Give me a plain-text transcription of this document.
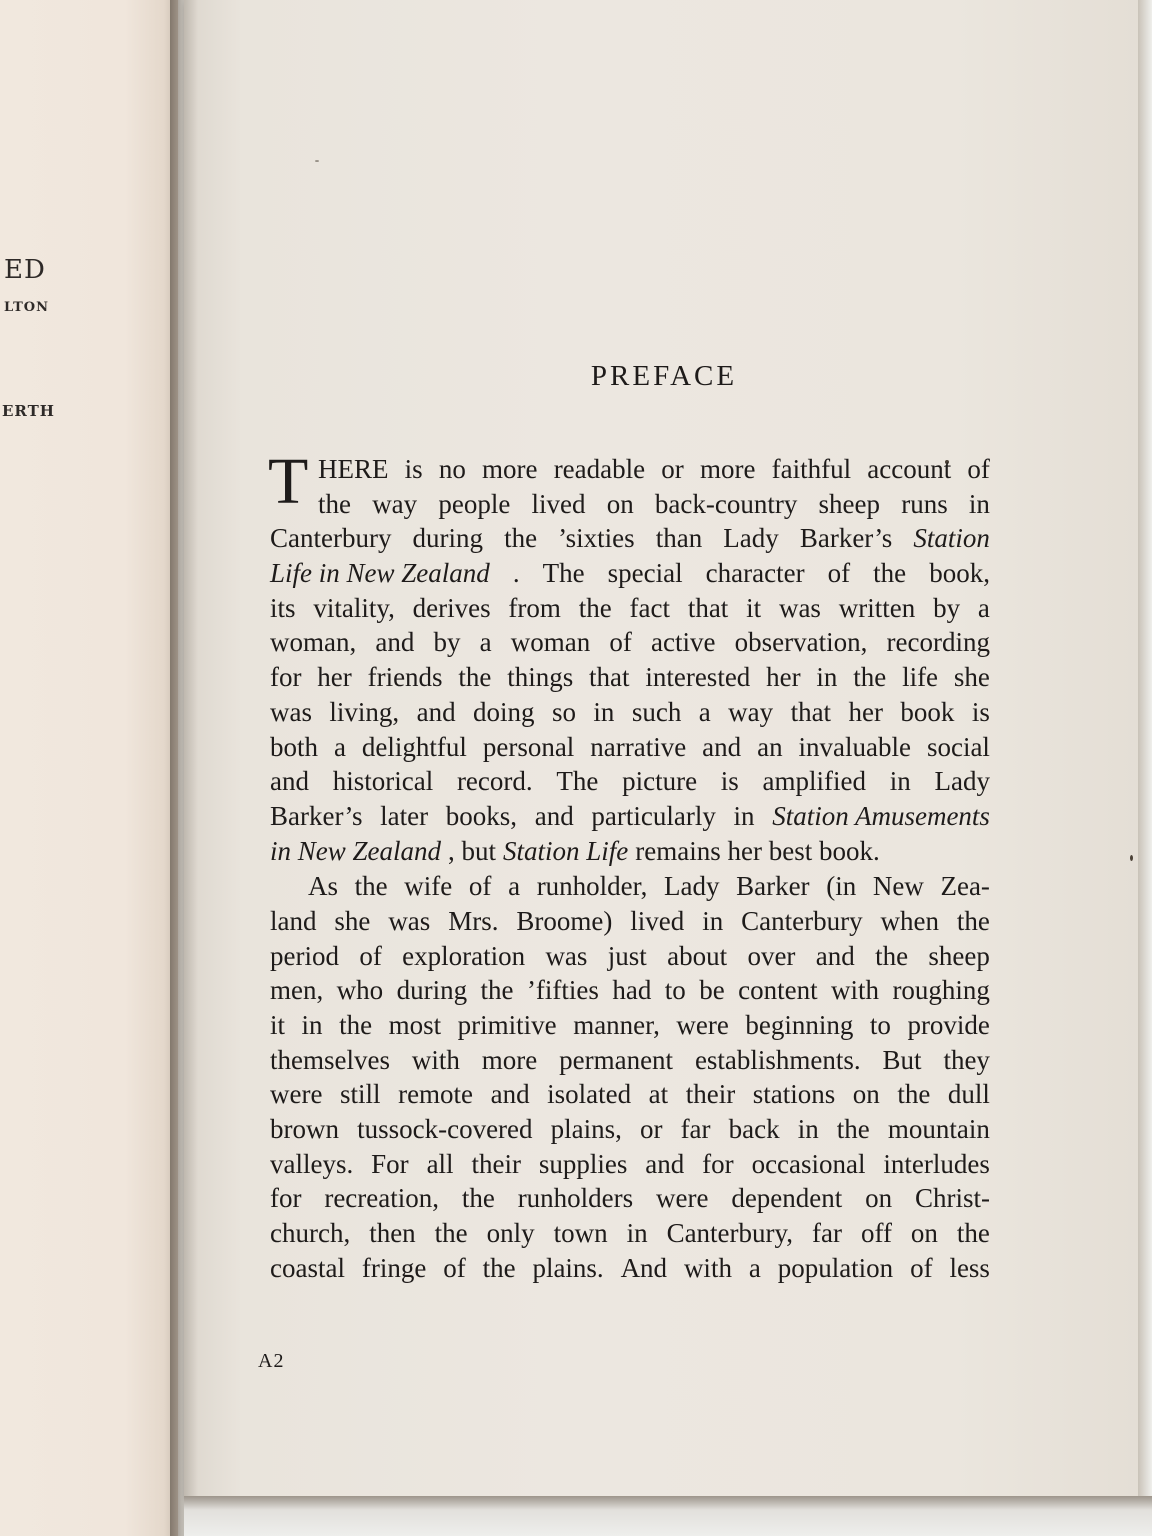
ED
LTON
ERTH
PREFACE
T HERE is no more readable or more faithful account of
the way people lived on back-country sheep runs in
Canterbury during the ’sixties than Lady Barker’s Station
Life in New Zealand . The special character of the book,
its vitality, derives from the fact that it was written by a
woman, and by a woman of active observation, recording
for her friends the things that interested her in the life she
was living, and doing so in such a way that her book is
both a delightful personal narrative and an invaluable social
and historical record. The picture is amplified in Lady
Barker’s later books, and particularly in Station Amusements
in New Zealand , but Station Life remains her best book.
As the wife of a runholder, Lady Barker (in New Zea-
land she was Mrs. Broome) lived in Canterbury when the
period of exploration was just about over and the sheep
men, who during the ’fifties had to be content with roughing
it in the most primitive manner, were beginning to provide
themselves with more permanent establishments. But they
were still remote and isolated at their stations on the dull
brown tussock-covered plains, or far back in the mountain
valleys. For all their supplies and for occasional interludes
for recreation, the runholders were dependent on Christ-
church, then the only town in Canterbury, far off on the
coastal fringe of the plains. And with a population of less
A2
